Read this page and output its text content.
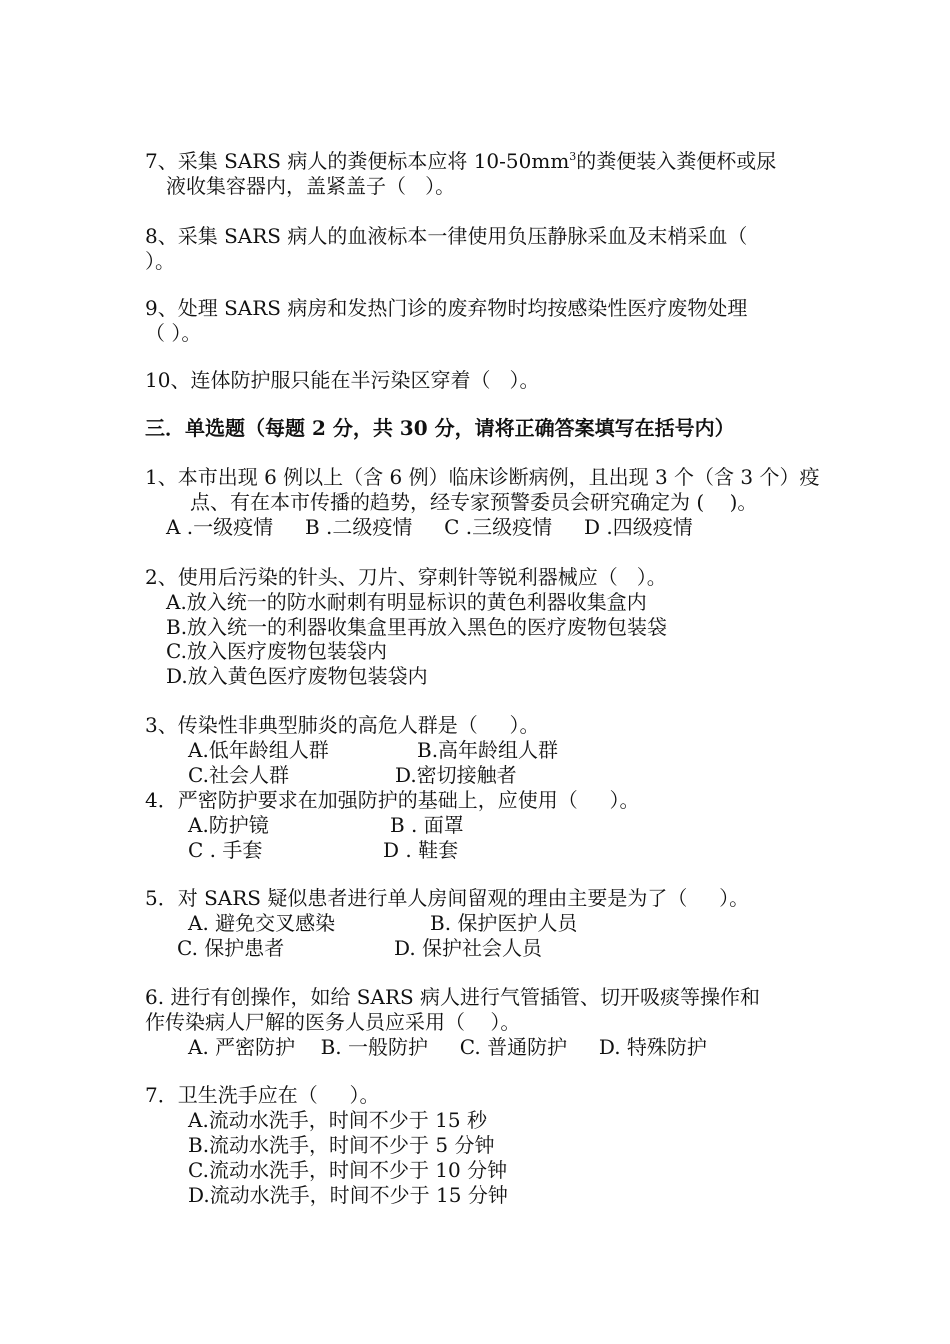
7、采集 SARS 病人的粪便标本应将 $10-50mm^3$的粪便装入粪便杯或尿
液收集容器内，盖紧盖子（   ）。
8、采集 SARS 病人的血液标本一律使用负压静脉采血及末梢采血（
）。
9、处理 SARS 病房和发热门诊的废弃物时均按感染性医疗废物处理
（ ）。
10、连体防护服只能在半污染区穿着（   ）。
三．单选题（每题 2 分，共 30 分，请将正确答案填写在括号内）
1、本市出现 6 例以上（含 6 例）临床诊断病例，且出现 3 个（含 3 个）疫
点、有在本市传播的趋势，经专家预警委员会研究确定为 (    )。
A .一级疫情     B .二级疫情     C .三级疫情     D .四级疫情
2、使用后污染的针头、刀片、穿刺针等锐利器械应（   ）。
A.放入统一的防水耐刺有明显标识的黄色利器收集盒内
B.放入统一的利器收集盒里再放入黑色的医疗废物包装袋
C.放入医疗废物包装袋内
D.放入黄色医疗废物包装袋内
3、传染性非典型肺炎的高危人群是（     ）。
A.低年龄组人群	B.高年龄组人群
C.社会人群	D.密切接触者
4．严密防护要求在加强防护的基础上，应使用（     ）。
A.防护镜	B . 面罩
C . 手套	D . 鞋套
5．对 SARS 疑似患者进行单人房间留观的理由主要是为了（     ）。
A. 避免交叉感染	B. 保护医护人员
C. 保护患者	D. 保护社会人员
6. 进行有创操作，如给 SARS 病人进行气管插管、切开吸痰等操作和
作传染病人尸解的医务人员应采用（    ）。
A. 严密防护    B. 一般防护     C. 普通防护     D. 特殊防护
7．卫生洗手应在（     ）。
A.流动水洗手，时间不少于 15 秒
B.流动水洗手，时间不少于 5 分钟
C.流动水洗手，时间不少于 10 分钟
D.流动水洗手，时间不少于 15 分钟
